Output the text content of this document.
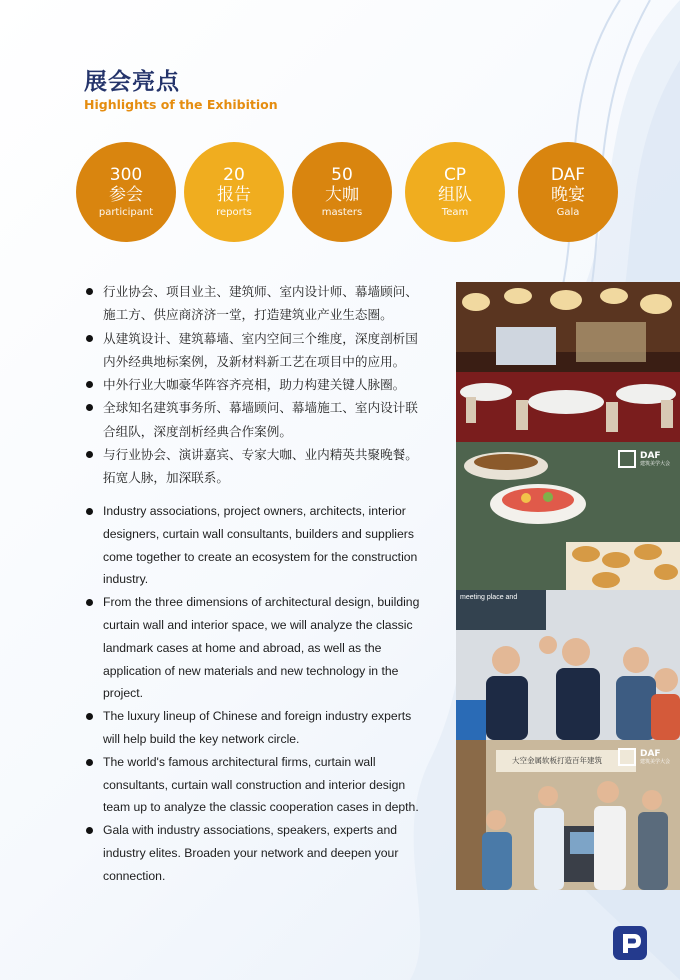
展会亮点
Highlights of the Exhibition
300
参会
participant
20
报告
reports
50
大咖
masters
CP
组队
Team
DAF
晚宴
Gala
行业协会、项目业主、建筑师、室内设计师、幕墙顾问、施工方、供应商济济一堂，打造建筑业产业生态圈。
从建筑设计、建筑幕墙、室内空间三个维度，深度剖析国内外经典地标案例，及新材料新工艺在项目中的应用。
中外行业大咖豪华阵容齐亮相，助力构建关键人脉圈。
全球知名建筑事务所、幕墙顾问、幕墙施工、室内设计联合组队，深度剖析经典合作案例。
与行业协会、演讲嘉宾、专家大咖、业内精英共聚晚餐。拓宽人脉，加深联系。
Industry associations, project owners, architects, interior designers, curtain wall consultants, builders and suppliers come together to create an ecosystem for the construction industry.
From the three dimensions of architectural design, building curtain wall and interior space, we will analyze the classic landmark cases at home and abroad, as well as the application of new materials and new technology in the project.
The luxury lineup of Chinese and foreign industry experts will help build the key network circle.
The world's famous architectural firms, curtain wall consultants, curtain wall construction and interior design team up to analyze the classic cooperation cases in depth.
Gala with industry associations, speakers, experts and industry elites. Broaden your network and deepen your connection.
DAF
建筑美学大会
meeting place and
大空金属软板打造百年建筑
DAF
建筑美学大会
